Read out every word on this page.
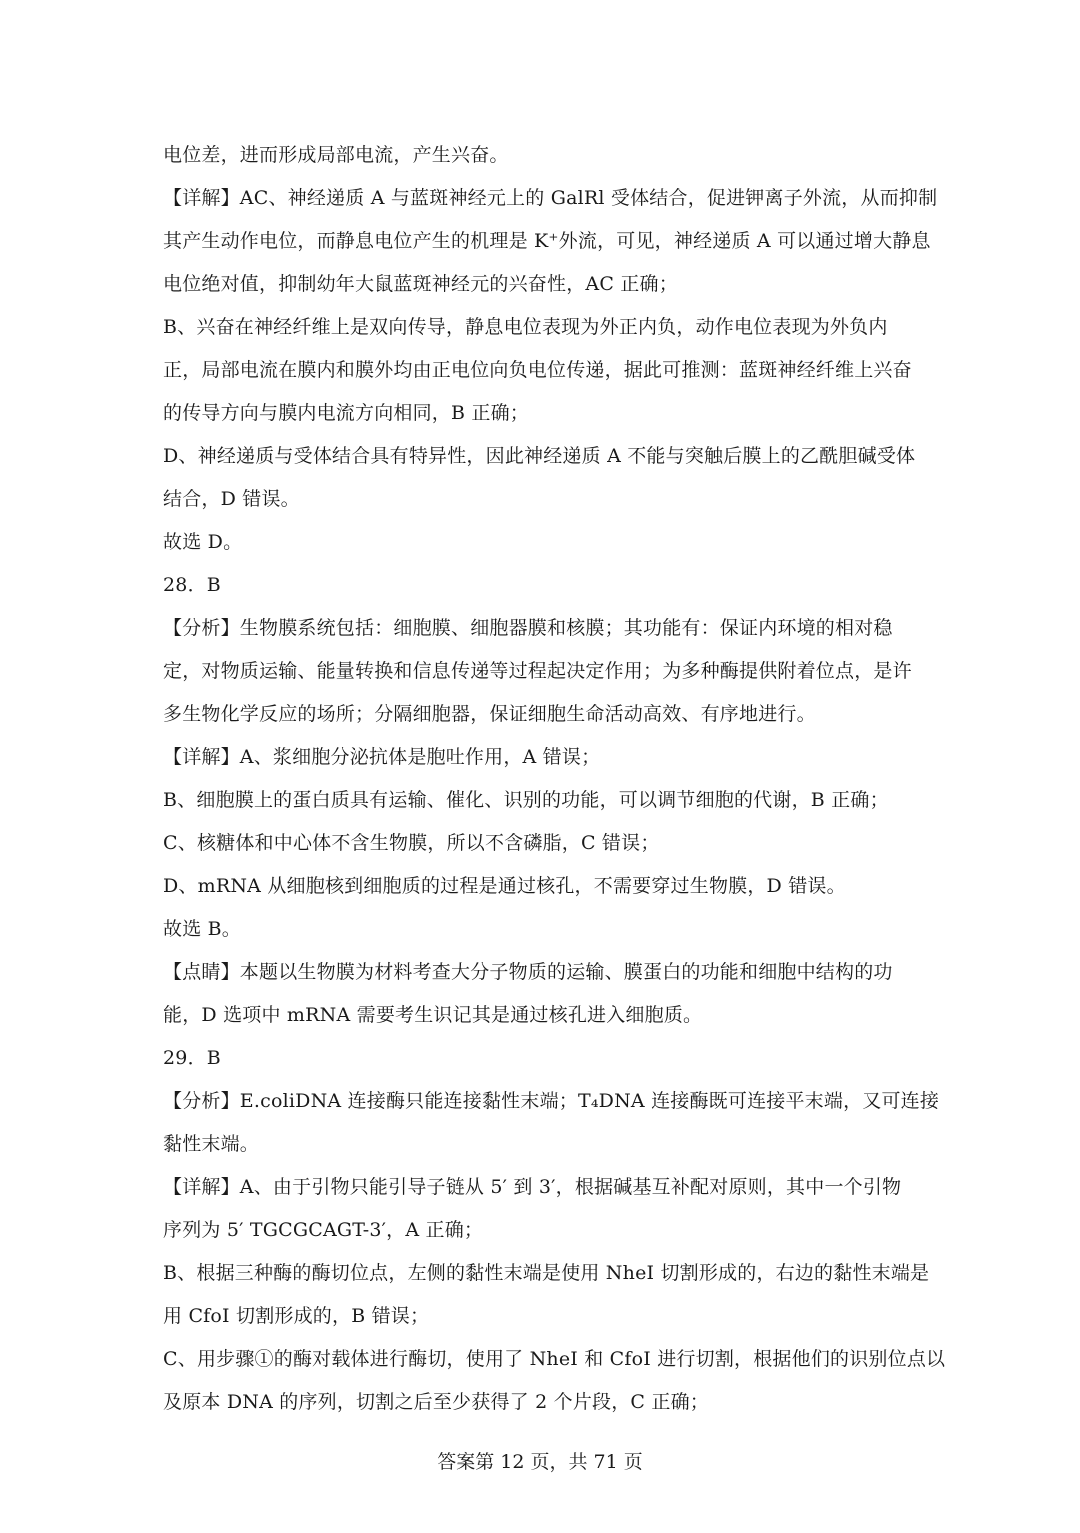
电位差，进而形成局部电流，产生兴奋。
【详解】AC、神经递质 A 与蓝斑神经元上的 GalRl 受体结合，促进钾离子外流，从而抑制
其产生动作电位，而静息电位产生的机理是 K⁺外流，可见，神经递质 A 可以通过增大静息
电位绝对值，抑制幼年大鼠蓝斑神经元的兴奋性，AC 正确；
B、兴奋在神经纤维上是双向传导，静息电位表现为外正内负，动作电位表现为外负内
正，局部电流在膜内和膜外均由正电位向负电位传递，据此可推测：蓝斑神经纤维上兴奋
的传导方向与膜内电流方向相同，B 正确；
D、神经递质与受体结合具有特异性，因此神经递质 A 不能与突触后膜上的乙酰胆碱受体
结合，D 错误。
故选 D。
28．B
【分析】生物膜系统包括：细胞膜、细胞器膜和核膜；其功能有：保证内环境的相对稳
定，对物质运输、能量转换和信息传递等过程起决定作用；为多种酶提供附着位点，是许
多生物化学反应的场所；分隔细胞器，保证细胞生命活动高效、有序地进行。
【详解】A、浆细胞分泌抗体是胞吐作用，A 错误；
B、细胞膜上的蛋白质具有运输、催化、识别的功能，可以调节细胞的代谢，B 正确；
C、核糖体和中心体不含生物膜，所以不含磷脂，C 错误；
D、mRNA 从细胞核到细胞质的过程是通过核孔，不需要穿过生物膜，D 错误。
故选 B。
【点睛】本题以生物膜为材料考查大分子物质的运输、膜蛋白的功能和细胞中结构的功
能，D 选项中 mRNA 需要考生识记其是通过核孔进入细胞质。
29．B
【分析】E.coliDNA 连接酶只能连接黏性末端；T₄DNA 连接酶既可连接平末端，又可连接
黏性末端。
【详解】A、由于引物只能引导子链从 5′ 到 3′，根据碱基互补配对原则，其中一个引物
序列为 5′ TGCGCAGT-3′，A 正确；
B、根据三种酶的酶切位点，左侧的黏性末端是使用 NheI 切割形成的，右边的黏性末端是
用 CfoI 切割形成的，B 错误；
C、用步骤①的酶对载体进行酶切，使用了 NheI 和 CfoI 进行切割，根据他们的识别位点以
及原本 DNA 的序列，切割之后至少获得了 2 个片段，C 正确；
答案第 12 页，共 71 页
